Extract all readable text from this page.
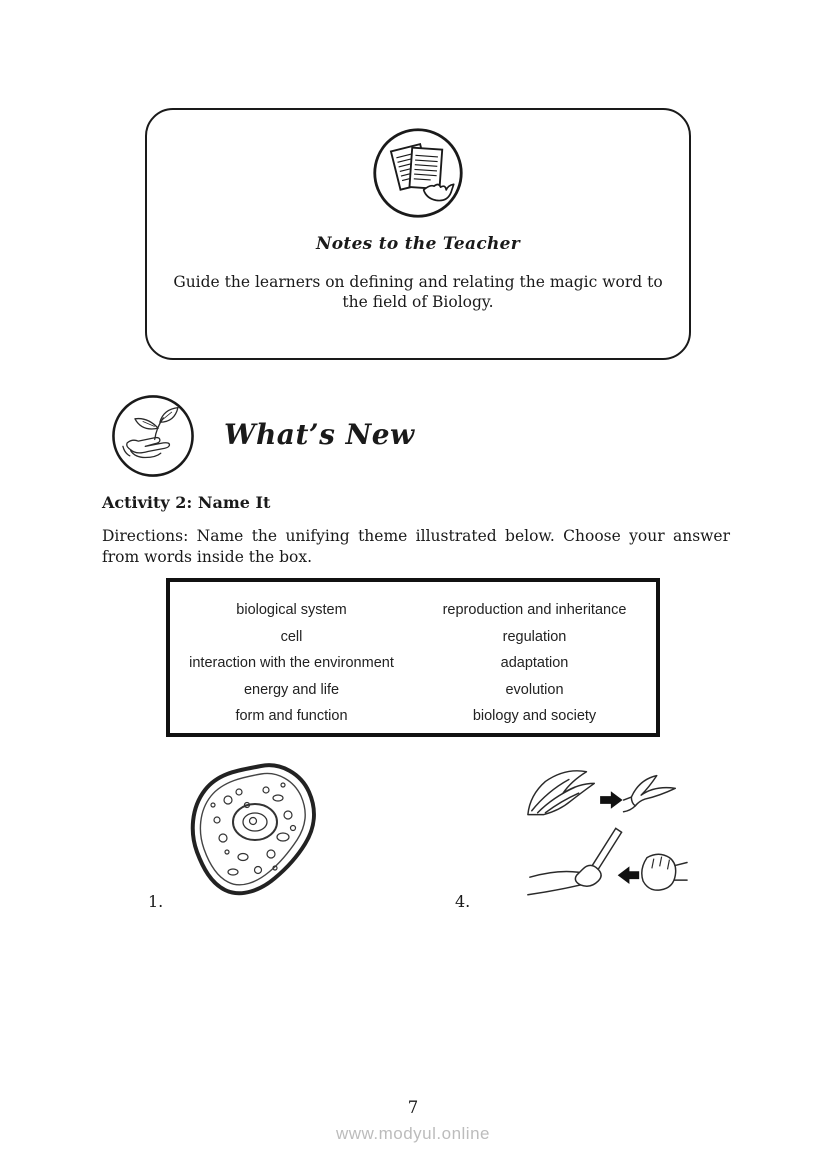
Notes to the Teacher

Guide the learners on defining and relating the magic word to the field of Biology.

What’s New
Activity 2: Name It

Directions: Name the unifying theme illustrated below. Choose your answer from words inside the box.

biological system
cell
interaction with the environment
energy and life
form and function
reproduction and inheritance
regulation
adaptation
evolution
biology and society
1.	4.
7
www.modyul.online
